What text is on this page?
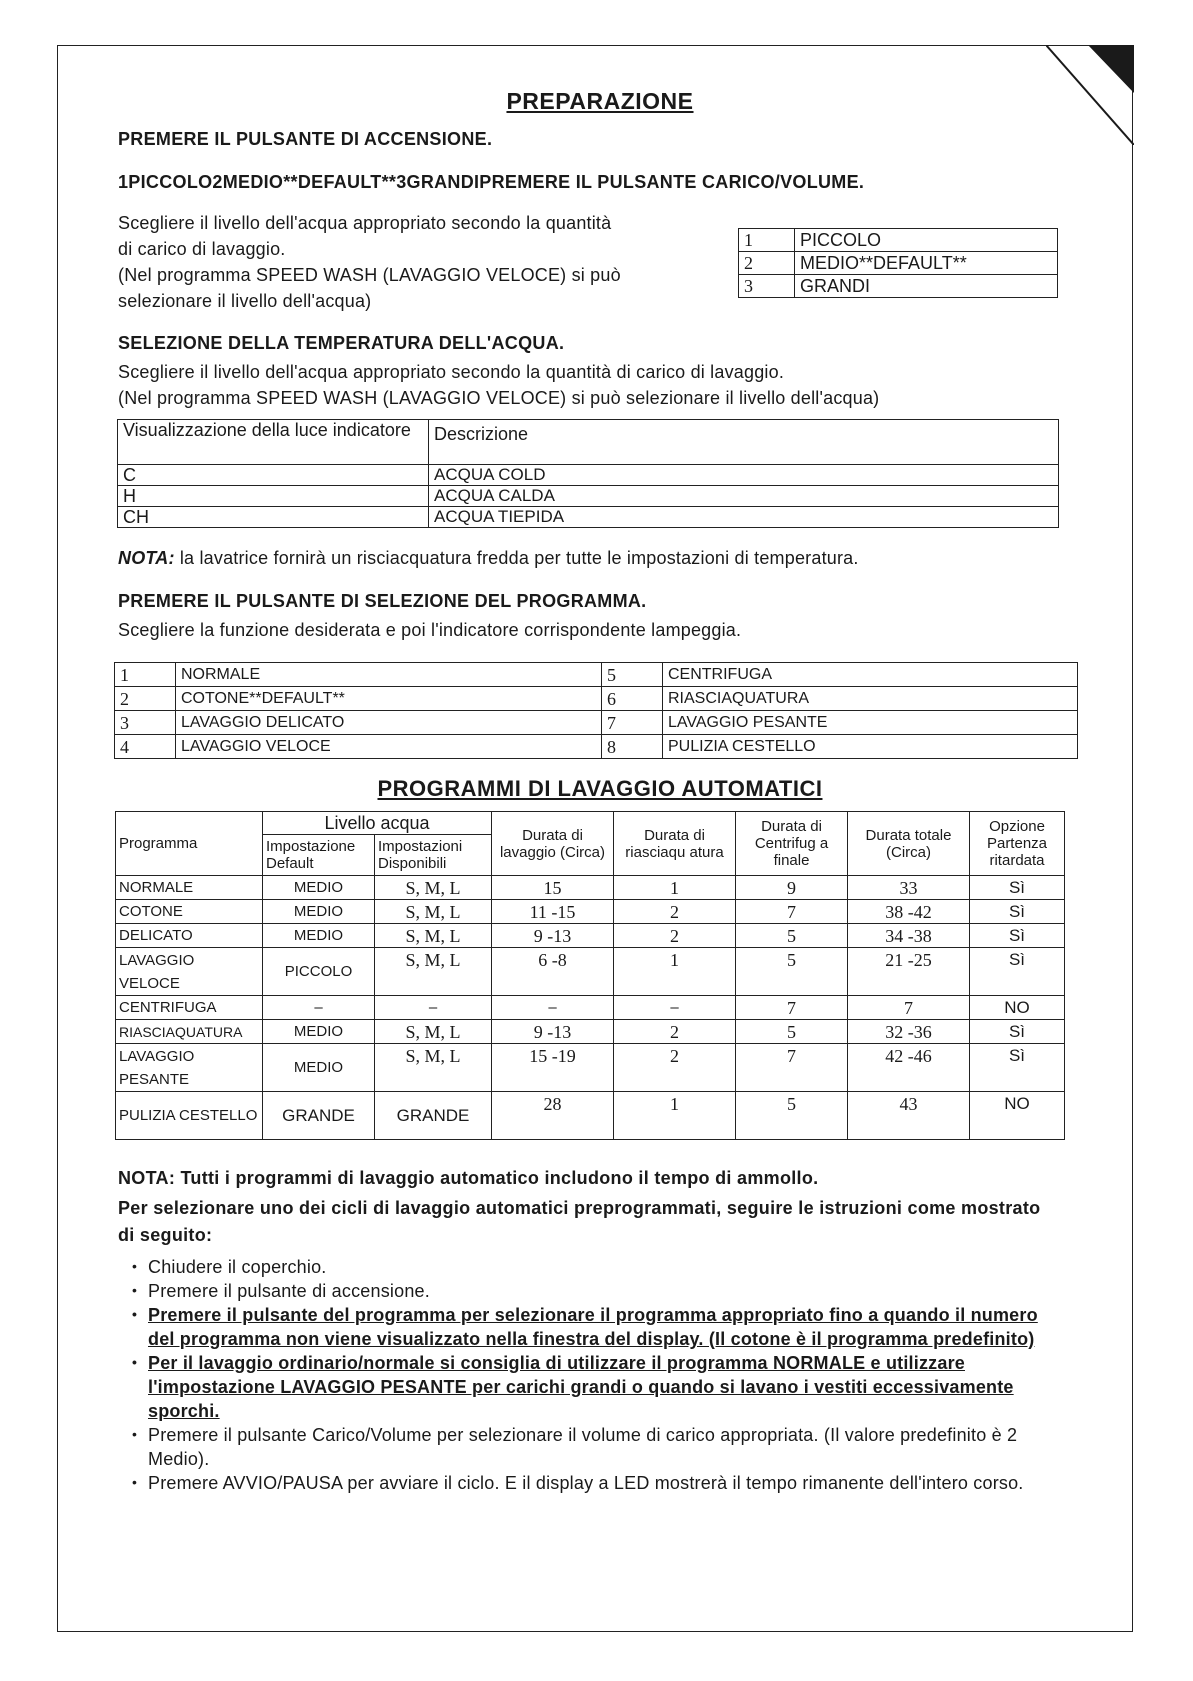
PREPARAZIONE
PREMERE IL PULSANTE DI ACCENSIONE.
1PICCOLO2MEDIO**DEFAULT**3GRANDIPREMERE IL PULSANTE CARICO/VOLUME.
Scegliere il livello dell'acqua appropriato secondo la quantità
di carico di lavaggio.
(Nel programma SPEED WASH (LAVAGGIO VELOCE) si può
selezionare il livello dell'acqua)
1	PICCOLO
2	MEDIO**DEFAULT**
3	GRANDI
SELEZIONE DELLA TEMPERATURA DELL'ACQUA.
Scegliere il livello dell'acqua appropriato secondo la quantità di carico di lavaggio.
(Nel programma SPEED WASH (LAVAGGIO VELOCE) si può selezionare il livello dell'acqua)
Visualizzazione della luce indicatore	Descrizione
C	ACQUA COLD
H	ACQUA CALDA
CH	ACQUA TIEPIDA
NOTA: la lavatrice fornirà un risciacquatura fredda per tutte le impostazioni di temperatura.
PREMERE IL PULSANTE DI SELEZIONE DEL PROGRAMMA.
Scegliere la funzione desiderata e poi l'indicatore corrispondente lampeggia.
1	NORMALE	5	CENTRIFUGA
2	COTONE**DEFAULT**	6	RIASCIAQUATURA
3	LAVAGGIO DELICATO	7	LAVAGGIO PESANTE
4	LAVAGGIO VELOCE	8	PULIZIA CESTELLO
PROGRAMMI DI LAVAGGIO AUTOMATICI
Programma	Livello acqua		Durata di lavaggio (Circa)	Durata di riasciaqu atura	Durata di Centrifug a finale	Durata totale (Circa)	Opzione Partenza ritardata
	Impostazione Default	Impostazioni Disponibili					
NORMALE	MEDIO	S, M, L	15	1	9	33	Sì
COTONE	MEDIO	S, M, L	11 -15	2	7	38 -42	Sì
DELICATO	MEDIO	S, M, L	9 -13	2	5	34 -38	Sì
LAVAGGIO VELOCE	PICCOLO	S, M, L	6 -8	1	5	21 -25	Sì
CENTRIFUGA	–	–	–	–	7	7	NO
RIASCIAQUATURA	MEDIO	S, M, L	9 -13	2	5	32 -36	Sì
LAVAGGIO PESANTE	MEDIO	S, M, L	15 -19	2	7	42 -46	Sì
PULIZIA CESTELLO	GRANDE	GRANDE	28	1	5	43	NO
NOTA: Tutti i programmi di lavaggio automatico includono il tempo di ammollo.
Per selezionare uno dei cicli di lavaggio automatici preprogrammati, seguire le istruzioni come mostrato di seguito:
• Chiudere il coperchio.
• Premere il pulsante di accensione.
• Premere il pulsante del programma per selezionare il programma appropriato fino a quando il numero del programma non viene visualizzato nella finestra del display. (Il cotone è il programma predefinito)
• Per il lavaggio ordinario/normale si consiglia di utilizzare il programma NORMALE e utilizzare l'impostazione LAVAGGIO PESANTE per carichi grandi o quando si lavano i vestiti eccessivamente sporchi.
• Premere il pulsante Carico/Volume per selezionare il volume di carico appropriata. (Il valore predefinito è 2 Medio).
• Premere AVVIO/PAUSA per avviare il ciclo. E il display a LED mostrerà il tempo rimanente dell'intero corso.
